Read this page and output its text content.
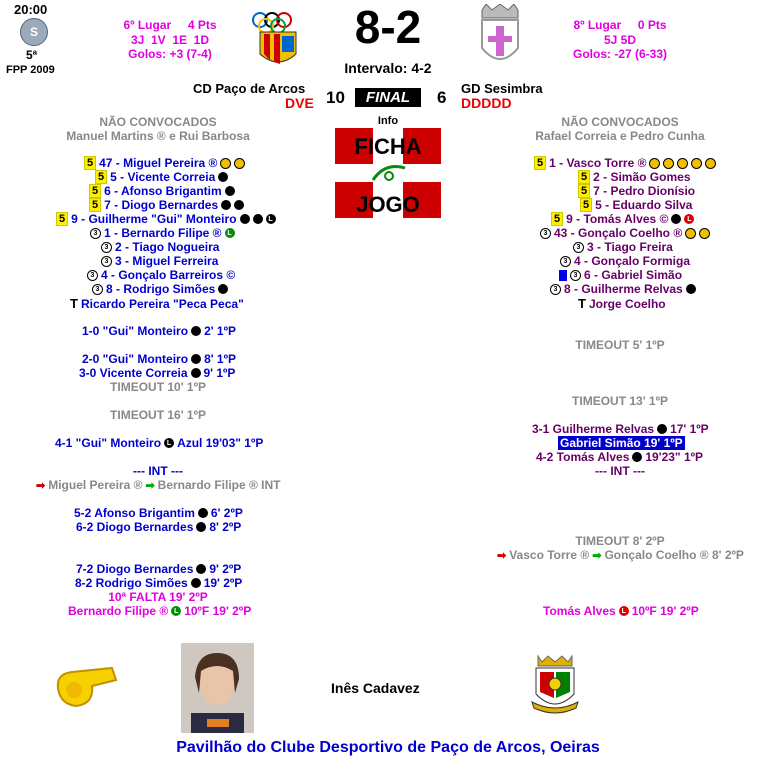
20:00
S
5ª
FPP 2009
6º Lugar     4 Pts
3J  1V  1E  1D
Golos: +3 (7-4)
8-2
Intervalo: 4-2
8º Lugar     0 Pts
5J 5D
Golos: -27 (6-33)
CD Paço de Arcos	GD Sesimbra
DVE 10	FINAL	6 DDDDD
Info
FICHA
JOGO
NÃO CONVOCADOS
Manuel Martins ® e Rui Barbosa
5 47 - Miguel Pereira ®
5 5 - Vicente Correia
5 6 - Afonso Brigantim
5 7 - Diogo Bernardes
5 9 - Guilherme "Gui" Monteiro	L
3 1 - Bernardo Filipe ® L
3 2 - Tiago Nogueira
3 3 - Miguel Ferreira
3 4 - Gonçalo Barreiros ©
3 8 - Rodrigo Simões
T Ricardo Pereira "Peca Peca"
NÃO CONVOCADOS
Rafael Correia e Pedro Cunha
5 1 - Vasco Torre ®
5 2 - Simão Gomes
5 7 - Pedro Dionísio
5 5 - Eduardo Silva
5 9 - Tomás Alves ©	L
3 43 - Gonçalo Coelho ®
3 3 - Tiago Freira
3 4 - Gonçalo Formiga
3 6 - Gabriel Simão
3 8 - Guilherme Relvas
T Jorge Coelho
1-0 "Gui" Monteiro 2' 1ºP
2-0 "Gui" Monteiro 8' 1ºP
3-0 Vicente Correia 9' 1ºP
TIMEOUT 10' 1ºP
TIMEOUT 16' 1ºP
4-1 "Gui" Monteiro L Azul 19'03" 1ºP
--- INT ---
➡ Miguel Pereira ® ➡ Bernardo Filipe ® INT
5-2 Afonso Brigantim 6' 2ºP
6-2 Diogo Bernardes 8' 2ºP
7-2 Diogo Bernardes 9' 2ºP
8-2 Rodrigo Simões 19' 2ºP
10ª FALTA 19' 2ºP
Bernardo Filipe ® L 10ºF 19' 2ºP
TIMEOUT 5' 1ºP
TIMEOUT 13' 1ºP
3-1 Guilherme Relvas 17' 1ºP
Gabriel Simão 19' 1ºP
4-2 Tomás Alves 19'23" 1ºP
--- INT ---
TIMEOUT 8' 2ºP
➡ Vasco Torre ® ➡ Gonçalo Coelho ® 8' 2ºP
Tomás Alves L 10ºF 19' 2ºP
Inês Cadavez
Pavilhão do Clube Desportivo de Paço de Arcos, Oeiras
